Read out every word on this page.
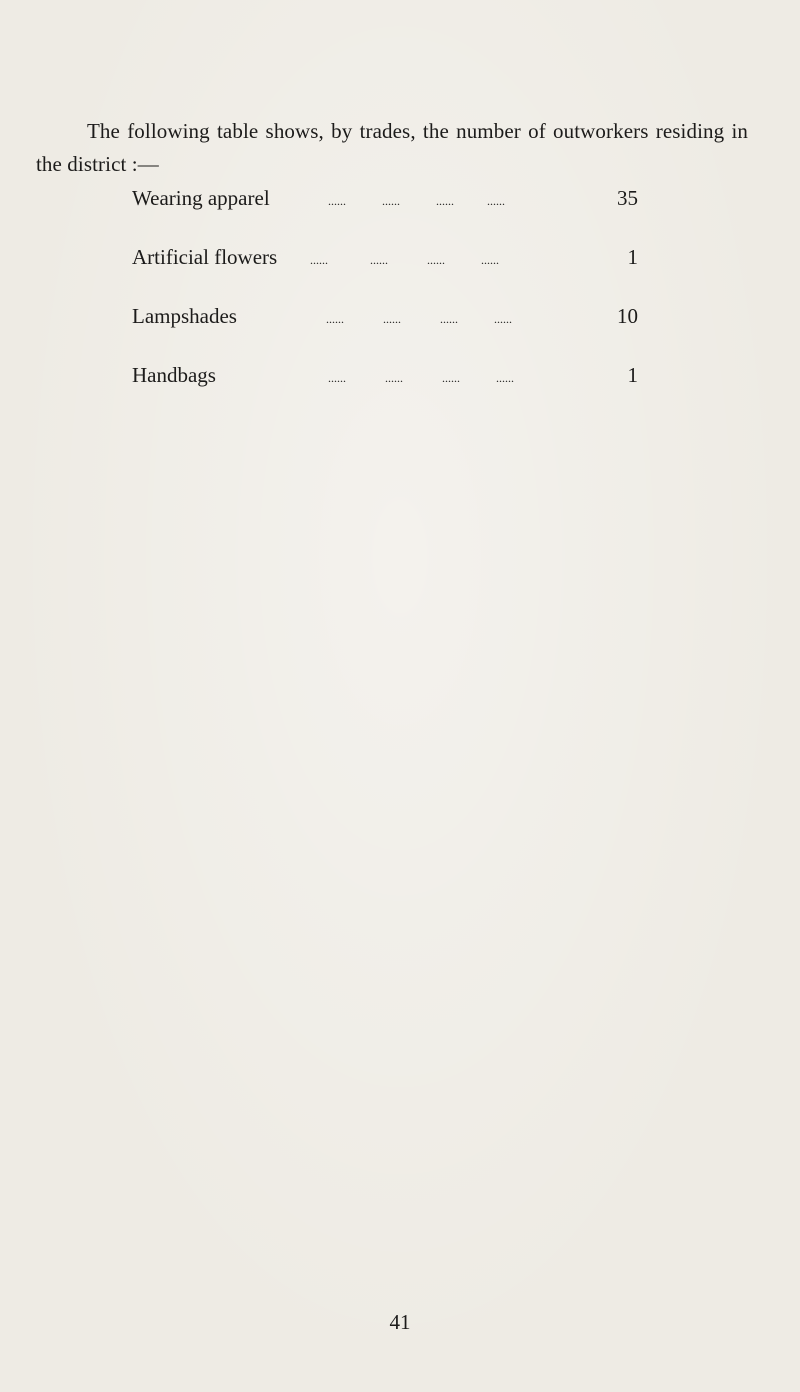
The following table shows, by trades, the number of outworkers residing in the district :—

Wearing apparel	......            ......            ......           ......	35
Artificial flowers	......              ......             ......            ......	1
Lampshades	......             ......             ......            ......	10
Handbags	......             ......             ......            ......	1
41
